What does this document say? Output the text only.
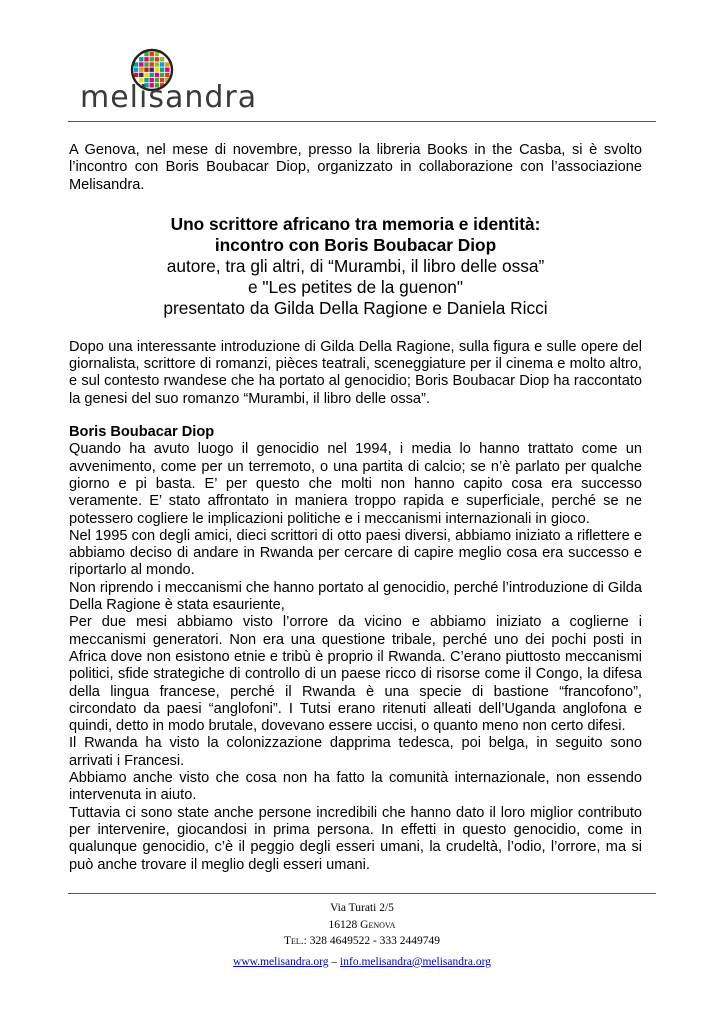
melisandra

A Genova, nel mese di novembre, presso la libreria Books in the Casba, si è svolto l’incontro con Boris Boubacar Diop, organizzato in collaborazione con l’associazione Melisandra.

Uno scrittore africano tra memoria e identità:
incontro con Boris Boubacar Diop
autore, tra gli altri, di “Murambi, il libro delle ossa”
e "Les petites de la guenon"
presentato da Gilda Della Ragione e Daniela Ricci

Dopo una interessante introduzione di Gilda Della Ragione, sulla figura e sulle opere del giornalista, scrittore di romanzi, pièces teatrali, sceneggiature per il cinema e molto altro, e sul contesto rwandese che ha portato al genocidio; Boris Boubacar Diop ha raccontato la genesi del suo romanzo “Murambi, il libro delle ossa”.

Boris Boubacar Diop

Quando ha avuto luogo il genocidio nel 1994, i media lo hanno trattato come un avvenimento, come per un terremoto, o una partita di calcio; se n’è parlato per qualche giorno e pi basta. E’ per questo che molti non hanno capito cosa era successo veramente. E’ stato affrontato in maniera troppo rapida e superficiale, perché se ne potessero cogliere le implicazioni politiche e i meccanismi internazionali in gioco.

Nel 1995 con degli amici, dieci scrittori di otto paesi diversi, abbiamo iniziato a riflettere e abbiamo deciso di andare in Rwanda per cercare di capire meglio cosa era successo e riportarlo al mondo.

Non riprendo i meccanismi che hanno portato al genocidio, perché l’introduzione di Gilda Della Ragione è stata esauriente,

Per due mesi abbiamo visto l’orrore da vicino e abbiamo iniziato a coglierne i meccanismi generatori. Non era una questione tribale, perché uno dei pochi posti in Africa dove non esistono etnie e tribù è proprio il Rwanda. C’erano piuttosto meccanismi politici, sfide strategiche di controllo di un paese ricco di risorse come il Congo, la difesa della lingua francese, perché il Rwanda è una specie di bastione “francofono”, circondato da paesi “anglofoni”. I Tutsi erano ritenuti alleati dell’Uganda anglofona e quindi, detto in modo brutale, dovevano essere uccisi, o quanto meno non certo difesi.

Il Rwanda ha visto la colonizzazione dapprima tedesca, poi belga, in seguito sono arrivati i Francesi.

Abbiamo anche visto che cosa non ha fatto la comunità internazionale, non essendo intervenuta in aiuto.

Tuttavia ci sono state anche persone incredibili che hanno dato il loro miglior contributo per intervenire, giocandosi in prima persona. In effetti in questo genocidio, come in qualunque genocidio, c’è il peggio degli esseri umani, la crudeltà, l’odio, l’orrore, ma si può anche trovare il meglio degli esseri umani.

Via Turati 2/5
16128 Genova
Tel.: 328 4649522 - 333 2449749
www.melisandra.org – info.melisandra@melisandra.org
